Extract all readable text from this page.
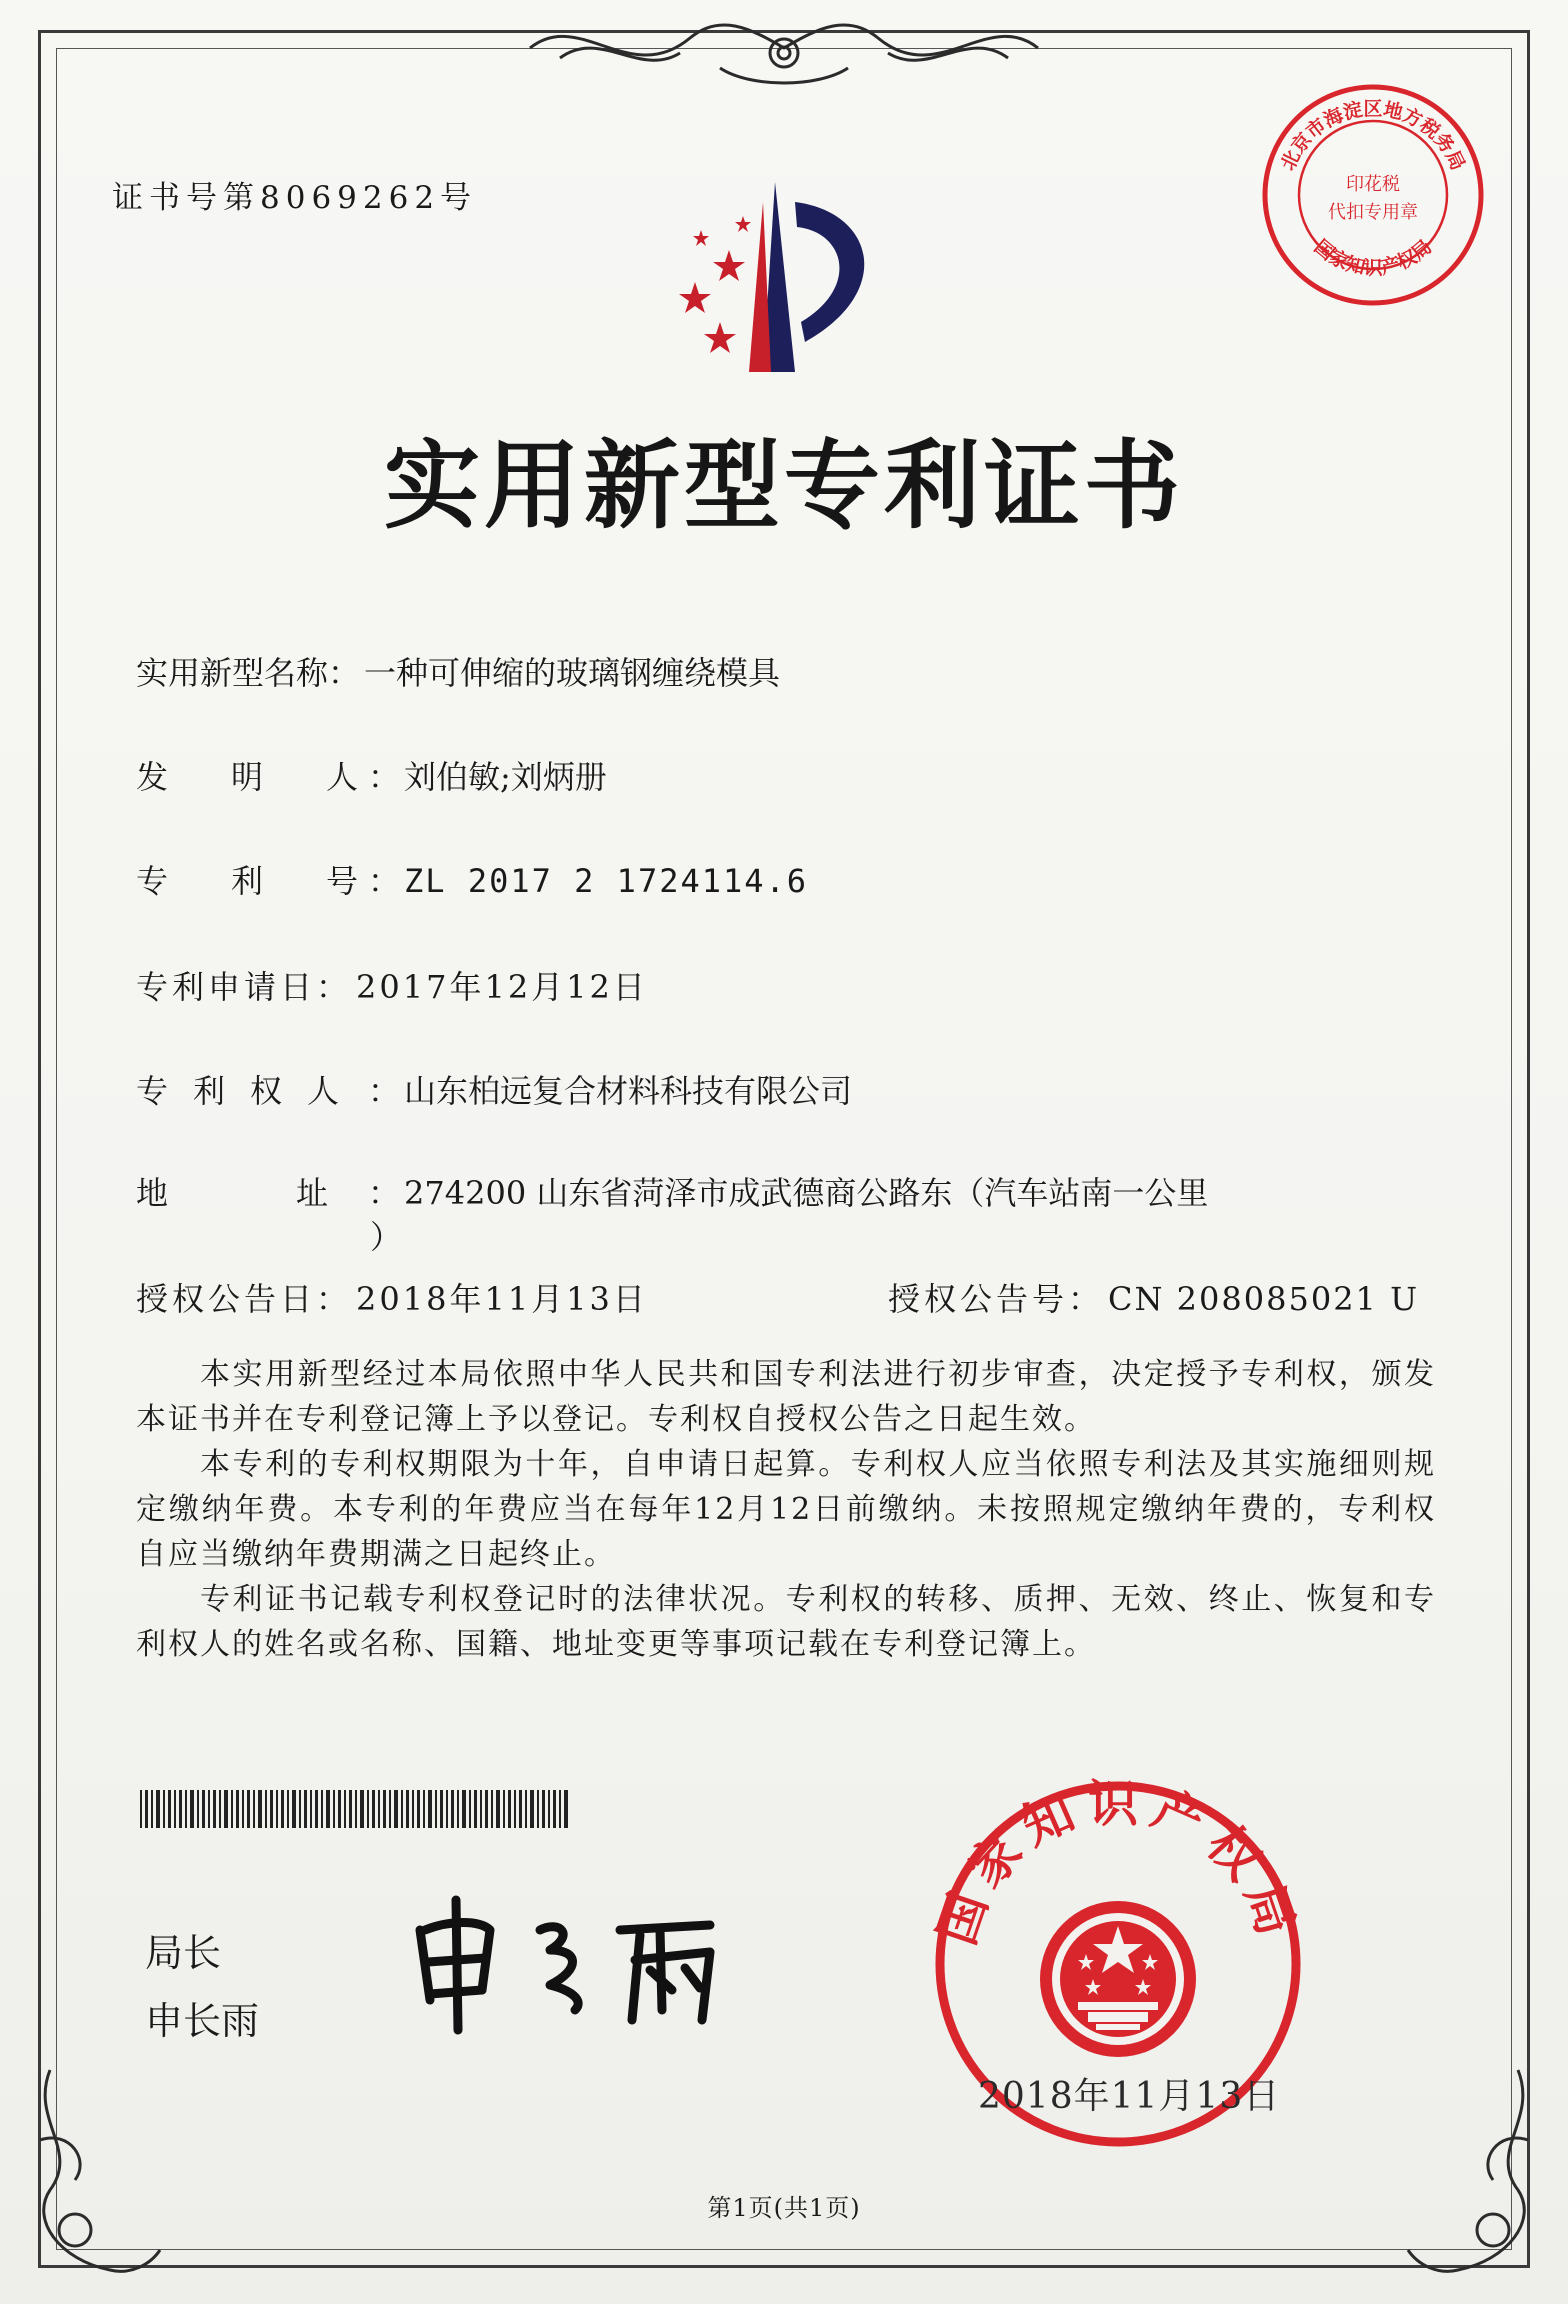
证书号第8069262号
北京市海淀区地方税务局
国家知识产权局
印花税
代扣专用章
实用新型专利证书
实用新型名称： 一种可伸缩的玻璃钢缠绕模具
发 明 人 ： 刘伯敏;刘炳册
专 利 号 ： ZL 2017 2 1724114.6
专利申请日： 2017年12月12日
专 利 权 人 ： 山东柏远复合材料科技有限公司
地	址 ： 274200 山东省菏泽市成武德商公路东（汽车站南一公里
）
授权公告日： 2018年11月13日	授权公告号： CN 208085021 U

本实用新型经过本局依照中华人民共和国专利法进行初步审查，决定授予专利权，颁发本证书并在专利登记簿上予以登记。专利权自授权公告之日起生效。

本专利的专利权期限为十年，自申请日起算。专利权人应当依照专利法及其实施细则规定缴纳年费。本专利的年费应当在每年12月12日前缴纳。未按照规定缴纳年费的，专利权自应当缴纳年费期满之日起终止。

专利证书记载专利权登记时的法律状况。专利权的转移、质押、无效、终止、恢复和专利权人的姓名或名称、国籍、地址变更等事项记载在专利登记簿上。

局长
申长雨
国家知识产权局
2018年11月13日
第1页(共1页)
